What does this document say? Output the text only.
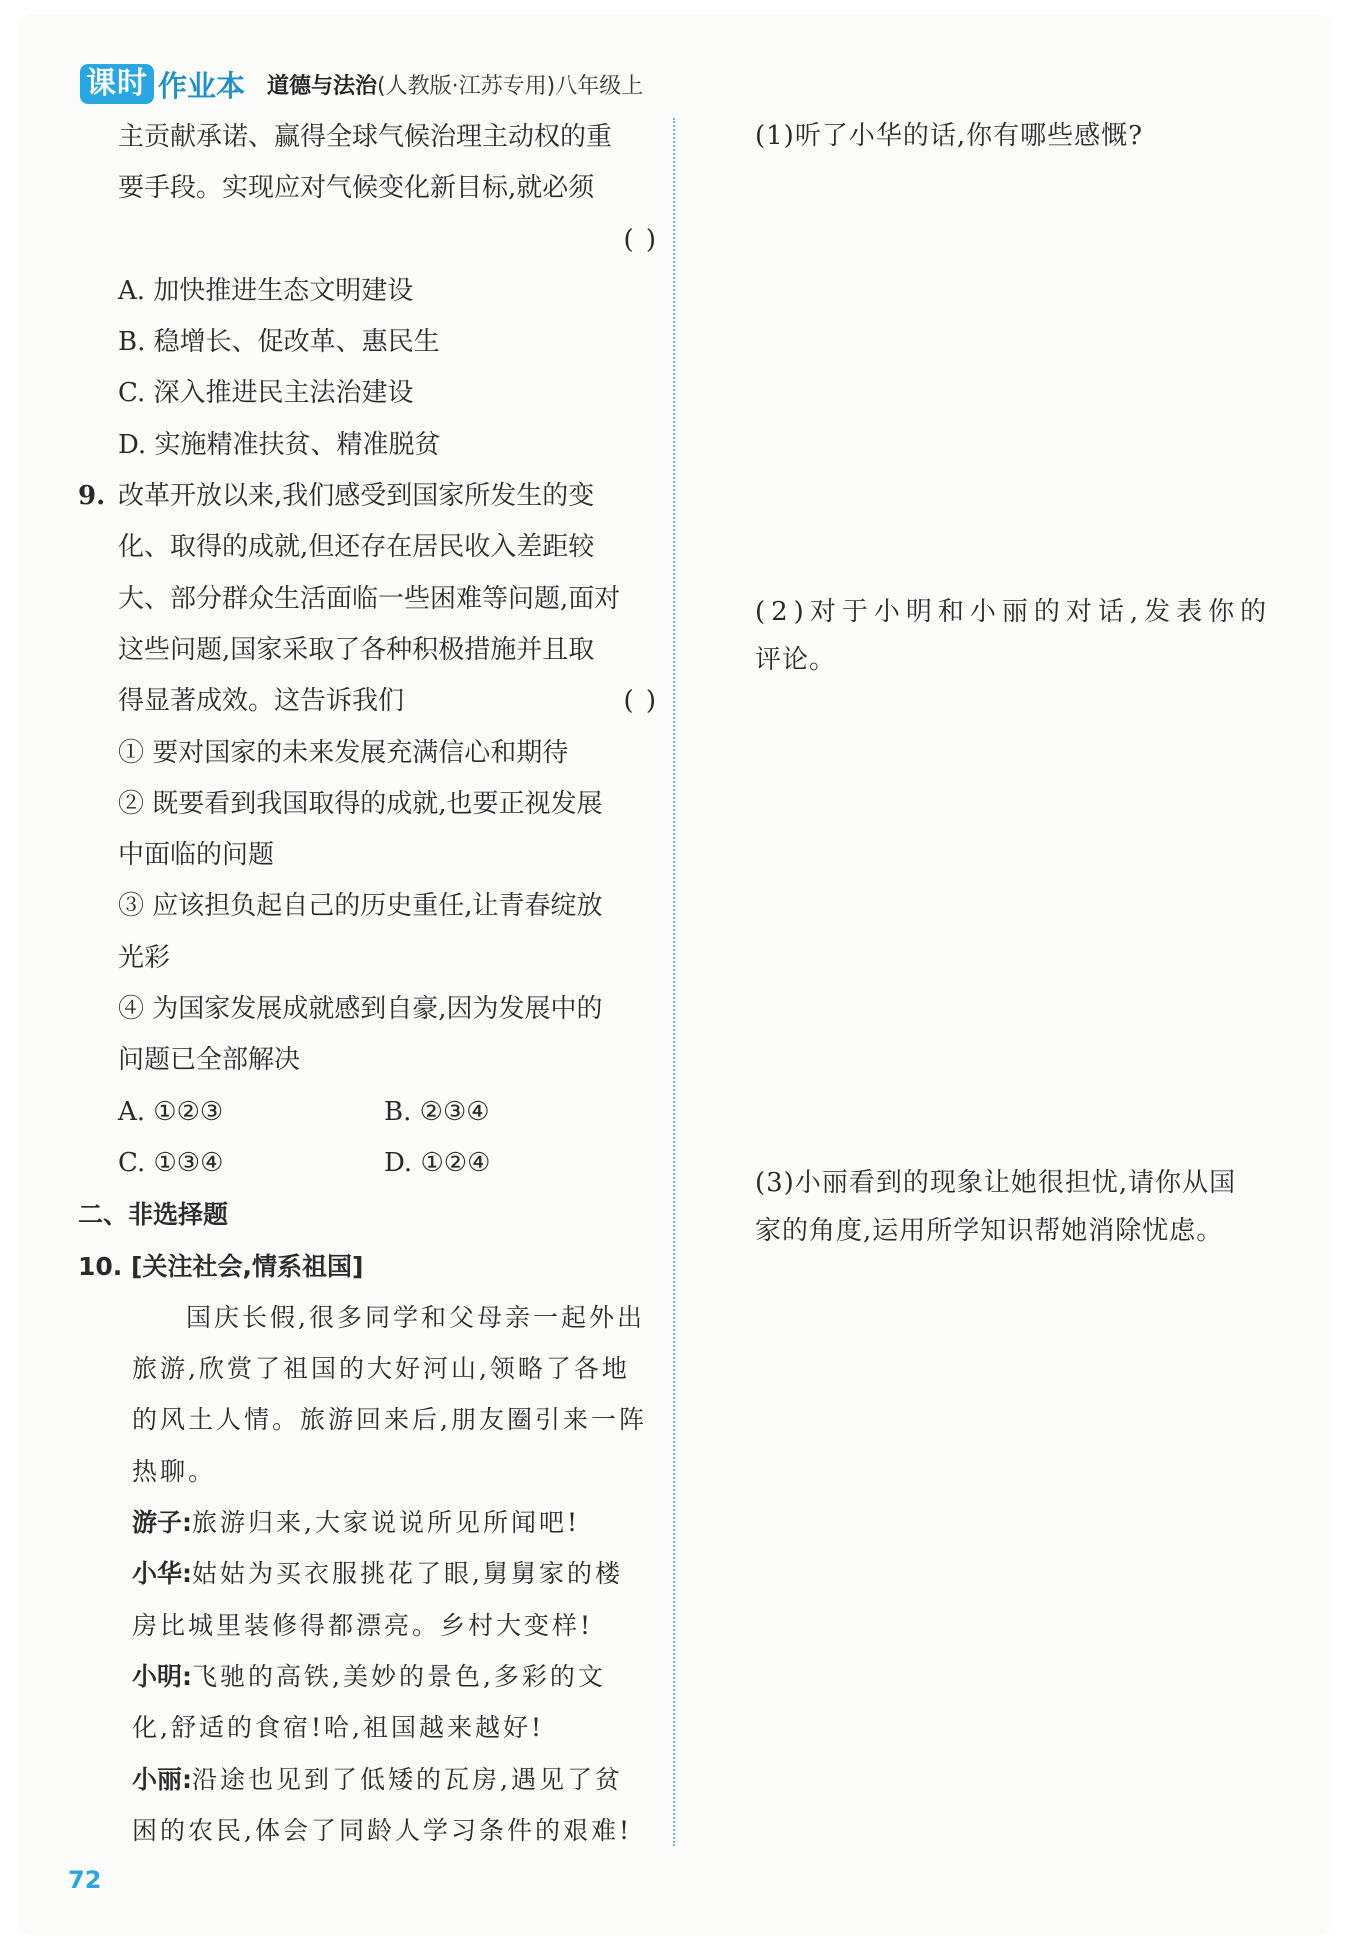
课时 作业本 道德与法治 (人教版·江苏专用)八年级上
主贡献承诺、赢得全球气候治理主动权的重
要手段。实现应对气候变化新目标,就必须

( )
A. 加快推进生态文明建设
B. 稳增长、促改革、惠民生
C. 深入推进民主法治建设
D. 实施精准扶贫、精准脱贫
9. 改革开放以来,我们感受到国家所发生的变
化、取得的成就,但还存在居民收入差距较
大、部分群众生活面临一些困难等问题,面对
这些问题,国家采取了各种积极措施并且取
得显著成效。这告诉我们	( )
① 要对国家的未来发展充满信心和期待
② 既要看到我国取得的成就,也要正视发展
中面临的问题
③ 应该担负起自己的历史重任,让青春绽放
光彩
④ 为国家发展成就感到自豪,因为发展中的
问题已全部解决
A. ①②③	B. ②③④
C. ①③④	D. ①②④
二、非选择题
10. [关注社会,情系祖国]
国庆长假,很多同学和父母亲一起外出
旅游,欣赏了祖国的大好河山,领略了各地
的风土人情。旅游回来后,朋友圈引来一阵
热聊。
游子:旅游归来,大家说说所见所闻吧!
小华:姑姑为买衣服挑花了眼,舅舅家的楼
房比城里装修得都漂亮。乡村大变样!
小明:飞驰的高铁,美妙的景色,多彩的文
化,舒适的食宿!哈,祖国越来越好!
小丽:沿途也见到了低矮的瓦房,遇见了贫
困的农民,体会了同龄人学习条件的艰难!
(1)听了小华的话,你有哪些感慨?
(2)对于小明和小丽的对话,发表你的
评论。
(3)小丽看到的现象让她很担忧,请你从国
家的角度,运用所学知识帮她消除忧虑。
72
